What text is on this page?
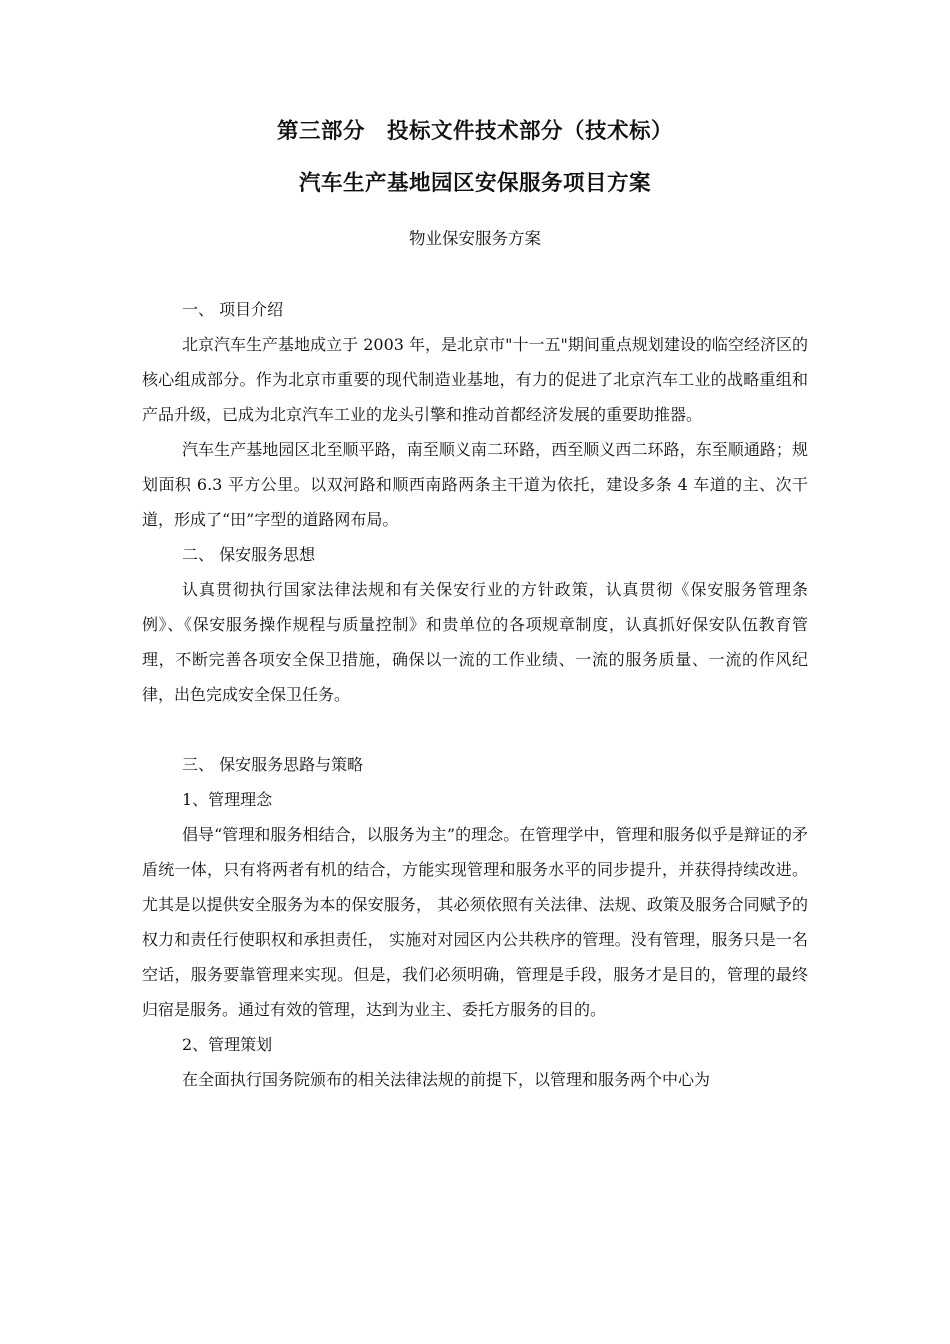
第三部分 投标文件技术部分（技术标）
汽车生产基地园区安保服务项目方案
物业保安服务方案
一、 项目介绍

北京汽车生产基地成立于 2003 年，是北京市"十一五"期间重点规划建设的临空经济区的核心组成部分。作为北京市重要的现代制造业基地，有力的促进了北京汽车工业的战略重组和产品升级，已成为北京汽车工业的龙头引擎和推动首都经济发展的重要助推器。

汽车生产基地园区北至顺平路，南至顺义南二环路，西至顺义西二环路，东至顺通路；规划面积 6.3 平方公里。以双河路和顺西南路两条主干道为依托，建设多条 4 车道的主、次干道，形成了“田”字型的道路网布局。

二、 保安服务思想

认真贯彻执行国家法律法规和有关保安行业的方针政策，认真贯彻《保安服务管理条例》、《保安服务操作规程与质量控制》和贵单位的各项规章制度，认真抓好保安队伍教育管理，不断完善各项安全保卫措施，确保以一流的工作业绩、一流的服务质量、一流的作风纪律，出色完成安全保卫任务。

三、 保安服务思路与策略
1、管理理念

倡导“管理和服务相结合，以服务为主”的理念。在管理学中，管理和服务似乎是辩证的矛盾统一体，只有将两者有机的结合，方能实现管理和服务水平的同步提升，并获得持续改进。尤其是以提供安全服务为本的保安服务， 其必须依照有关法律、法规、政策及服务合同赋予的权力和责任行使职权和承担责任， 实施对对园区内公共秩序的管理。没有管理，服务只是一名空话，服务要靠管理来实现。但是，我们必须明确，管理是手段，服务才是目的，管理的最终归宿是服务。通过有效的管理，达到为业主、委托方服务的目的。

2、管理策划

在全面执行国务院颁布的相关法律法规的前提下，以管理和服务两个中心为
